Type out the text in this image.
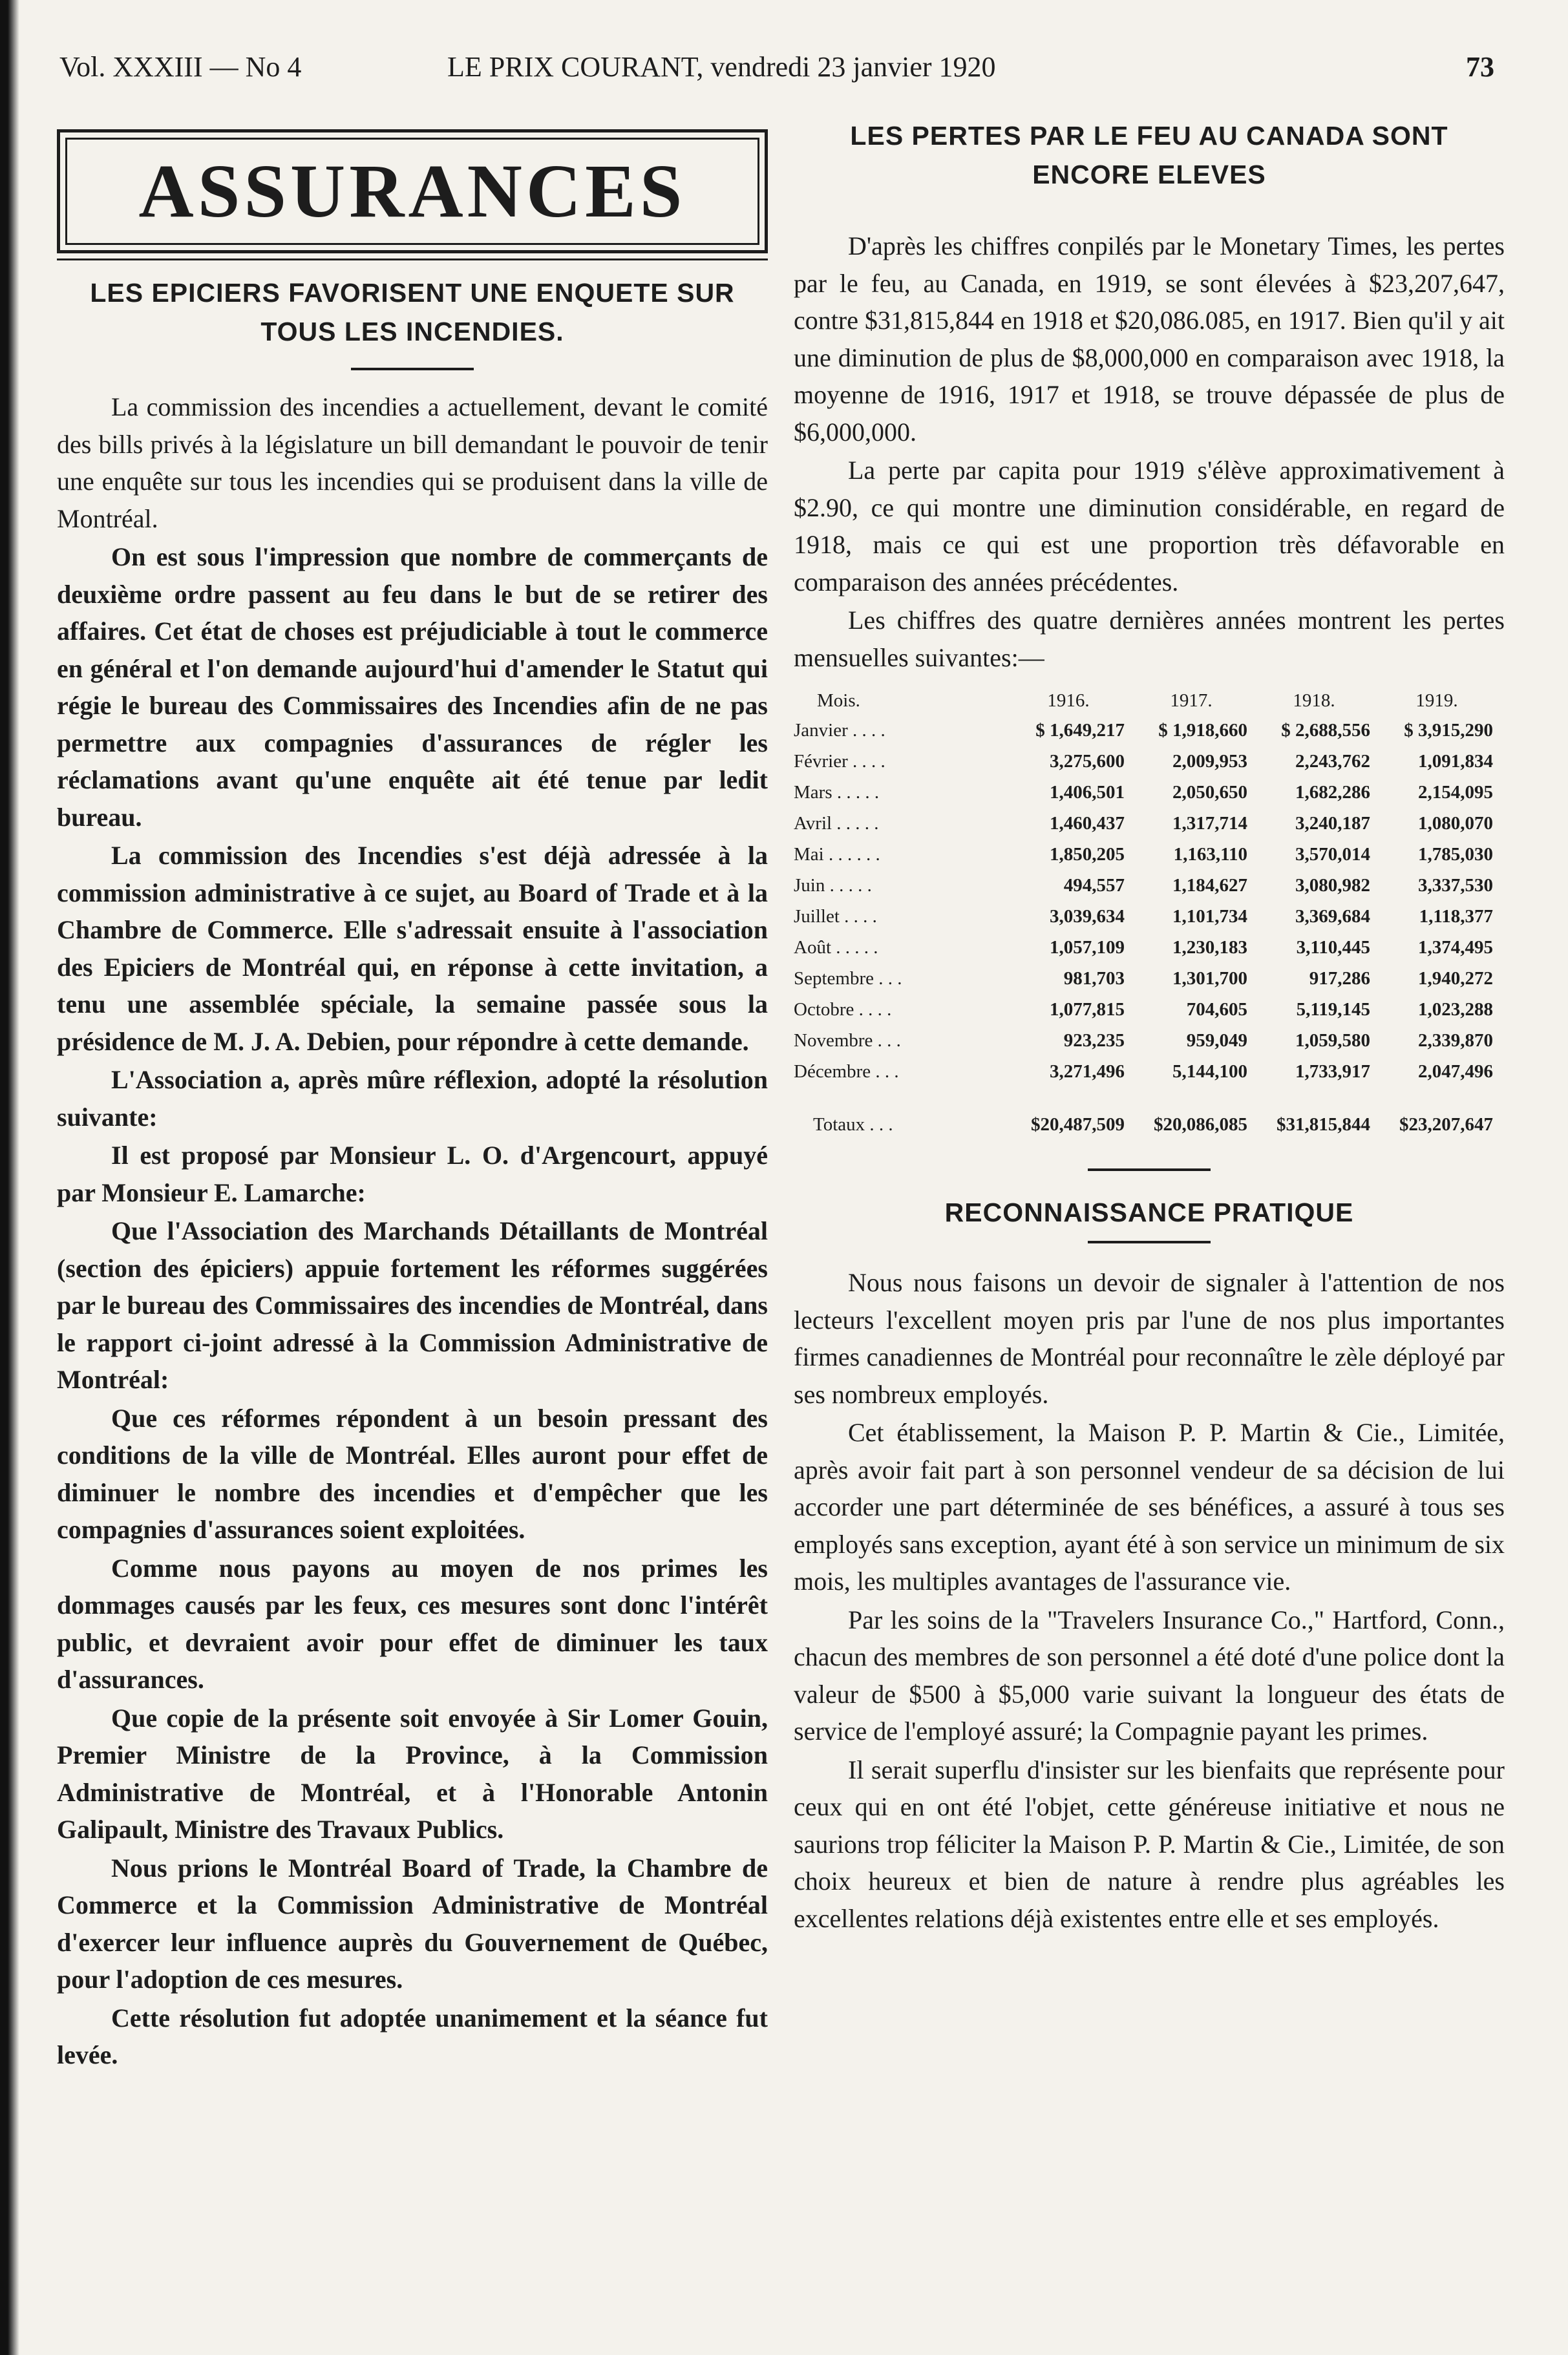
Vol. XXXIII — No 4	LE PRIX COURANT, vendredi 23 janvier 1920	73
ASSURANCES
LES EPICIERS FAVORISENT UNE ENQUETE SUR TOUS LES INCENDIES.

La commission des incendies a actuellement, devant le comité des bills privés à la législature un bill demandant le pouvoir de tenir une enquête sur tous les incendies qui se produisent dans la ville de Montréal.

On est sous l'impression que nombre de commerçants de deuxième ordre passent au feu dans le but de se retirer des affaires. Cet état de choses est préjudiciable à tout le commerce en général et l'on demande aujourd'hui d'amender le Statut qui régie le bureau des Commissaires des Incendies afin de ne pas permettre aux compagnies d'assurances de régler les réclamations avant qu'une enquête ait été tenue par ledit bureau.

La commission des Incendies s'est déjà adressée à la commission administrative à ce sujet, au Board of Trade et à la Chambre de Commerce. Elle s'adressait ensuite à l'association des Epiciers de Montréal qui, en réponse à cette invitation, a tenu une assemblée spéciale, la semaine passée sous la présidence de M. J. A. Debien, pour répondre à cette demande.

L'Association a, après mûre réflexion, adopté la résolution suivante:

Il est proposé par Monsieur L. O. d'Argencourt, appuyé par Monsieur E. Lamarche:

Que l'Association des Marchands Détaillants de Montréal (section des épiciers) appuie fortement les réformes suggérées par le bureau des Commissaires des incendies de Montréal, dans le rapport ci-joint adressé à la Commission Administrative de Montréal:

Que ces réformes répondent à un besoin pressant des conditions de la ville de Montréal. Elles auront pour effet de diminuer le nombre des incendies et d'empêcher que les compagnies d'assurances soient exploitées.

Comme nous payons au moyen de nos primes les dommages causés par les feux, ces mesures sont donc l'intérêt public, et devraient avoir pour effet de diminuer les taux d'assurances.

Que copie de la présente soit envoyée à Sir Lomer Gouin, Premier Ministre de la Province, à la Commission Administrative de Montréal, et à l'Honorable Antonin Galipault, Ministre des Travaux Publics.

Nous prions le Montréal Board of Trade, la Chambre de Commerce et la Commission Administrative de Montréal d'exercer leur influence auprès du Gouvernement de Québec, pour l'adoption de ces mesures.

Cette résolution fut adoptée unanimement et la séance fut levée.

LES PERTES PAR LE FEU AU CANADA SONT ENCORE ELEVES

D'après les chiffres conpilés par le Monetary Times, les pertes par le feu, au Canada, en 1919, se sont élevées à $23,207,647, contre $31,815,844 en 1918 et $20,086.085, en 1917. Bien qu'il y ait une diminution de plus de $8,000,000 en comparaison avec 1918, la moyenne de 1916, 1917 et 1918, se trouve dépassée de plus de $6,000,000.

La perte par capita pour 1919 s'élève approximativement à $2.90, ce qui montre une diminution considérable, en regard de 1918, mais ce qui est une proportion très défavorable en comparaison des années précédentes.

Les chiffres des quatre dernières années montrent les pertes mensuelles suivantes:—

Mois.	1916.	1917.	1918.	1919.
Janvier . . . .	$ 1,649,217	$ 1,918,660	$ 2,688,556	$ 3,915,290
Février . . . .	3,275,600	2,009,953	2,243,762	1,091,834
Mars . . . . .	1,406,501	2,050,650	1,682,286	2,154,095
Avril . . . . .	1,460,437	1,317,714	3,240,187	1,080,070
Mai . . . . . .	1,850,205	1,163,110	3,570,014	1,785,030
Juin . . . . .	494,557	1,184,627	3,080,982	3,337,530
Juillet . . . .	3,039,634	1,101,734	3,369,684	1,118,377
Août . . . . .	1,057,109	1,230,183	3,110,445	1,374,495
Septembre . . .	981,703	1,301,700	917,286	1,940,272
Octobre . . . .	1,077,815	704,605	5,119,145	1,023,288
Novembre . . .	923,235	959,049	1,059,580	2,339,870
Décembre . . .	3,271,496	5,144,100	1,733,917	2,047,496
Totaux . . .	$20,487,509	$20,086,085	$31,815,844	$23,207,647
RECONNAISSANCE PRATIQUE

Nous nous faisons un devoir de signaler à l'attention de nos lecteurs l'excellent moyen pris par l'une de nos plus importantes firmes canadiennes de Montréal pour reconnaître le zèle déployé par ses nombreux employés.

Cet établissement, la Maison P. P. Martin & Cie., Limitée, après avoir fait part à son personnel vendeur de sa décision de lui accorder une part déterminée de ses bénéfices, a assuré à tous ses employés sans exception, ayant été à son service un minimum de six mois, les multiples avantages de l'assurance vie.

Par les soins de la "Travelers Insurance Co.," Hartford, Conn., chacun des membres de son personnel a été doté d'une police dont la valeur de $500 à $5,000 varie suivant la longueur des états de service de l'employé assuré; la Compagnie payant les primes.

Il serait superflu d'insister sur les bienfaits que représente pour ceux qui en ont été l'objet, cette généreuse initiative et nous ne saurions trop féliciter la Maison P. P. Martin & Cie., Limitée, de son choix heureux et bien de nature à rendre plus agréables les excellentes relations déjà existentes entre elle et ses employés.
